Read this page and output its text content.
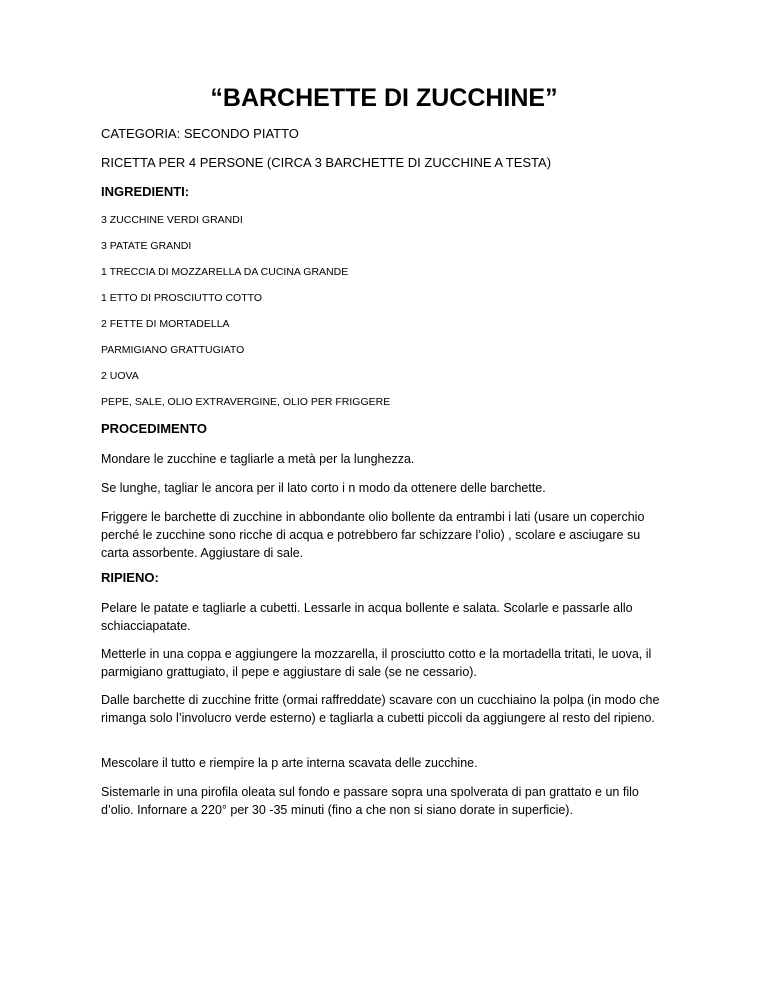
“BARCHETTE DI ZUCCHINE”
CATEGORIA: SECONDO PIATTO
RICETTA PER 4 PERSONE (CIRCA 3 BARCHETTE DI ZUCCHINE A TESTA)
INGREDIENTI:
3 ZUCCHINE VERDI GRANDI
3 PATATE GRANDI
1 TRECCIA DI MOZZARELLA DA CUCINA GRANDE
1 ETTO DI PROSCIUTTO COTTO
2 FETTE DI MORTADELLA
PARMIGIANO GRATTUGIATO
2 UOVA
PEPE, SALE, OLIO EXTRAVERGINE, OLIO PER FRIGGERE
PROCEDIMENTO
Mondare le zucchine e tagliarle a metà per la lunghezza.
Se lunghe, tagliar le ancora per il lato corto i n modo da ottenere delle barchette.
Friggere le barchette di zucchine in abbondante olio bollente da entrambi i lati (usare un coperchio perché le zucchine sono ricche di acqua e potrebbero far schizzare l’olio) , scolare e asciugare su carta assorbente. Aggiustare di sale.
RIPIENO:
Pelare le patate e tagliarle a cubetti. Lessarle in acqua bollente e salata. Scolarle e passarle allo schiacciapatate.
Metterle in una coppa e aggiungere la mozzarella, il prosciutto cotto e la mortadella tritati, le uova, il parmigiano grattugiato, il pepe e aggiustare di sale (se ne cessario).
Dalle barchette di zucchine fritte (ormai raffreddate) scavare con un cucchiaino la polpa (in modo che rimanga solo l’involucro verde esterno) e tagliarla a cubetti piccoli da aggiungere al resto del ripieno.
Mescolare il tutto e riempire la p arte interna scavata delle zucchine.
Sistemarle in una pirofila oleata sul fondo e passare sopra una spolverata di pan grattato e un filo d’olio. Infornare a 220° per 30 -35 minuti (fino a che non si siano dorate in superficie).
